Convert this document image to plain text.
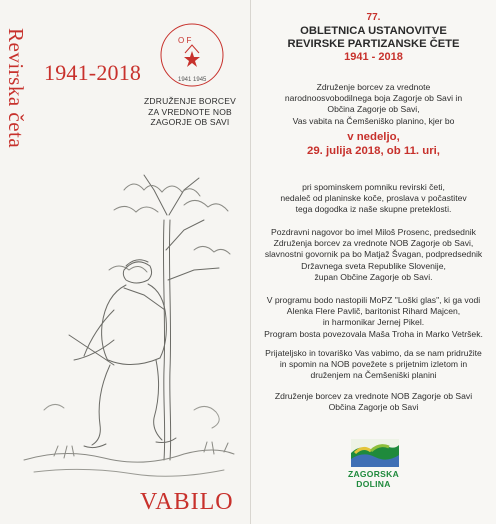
Revirska četa 1941-2018
O F
1941 1945
ZDRUŽENJE BORCEV
ZA VREDNOTE NOB
ZAGORJE OB SAVI
VABILO
77.
OBLETNICA USTANOVITVE
REVIRSKE PARTIZANSKE ČETE
1941 - 2018
Združenje borcev za vrednote
narodnoosvobodilnega boja Zagorje ob Savi in
Občina Zagorje ob Savi,
Vas vabita na Čemšeniško planino, kjer bo
v nedeljo,
29. julija 2018, ob 11. uri,
pri spominskem pomniku revirski četi,
nedaleč od planinske koče, proslava v počastitev
tega dogodka iz naše skupne preteklosti.
Pozdravni nagovor bo imel Miloš Prosenc, predsednik
Združenja borcev za vrednote NOB Zagorje ob Savi,
slavnostni govornik pa bo Matjaž Švagan, podpredsednik
Državnega sveta Republike Slovenije,
župan Občine Zagorje ob Savi.
V programu bodo nastopili MoPZ "Loški glas", ki ga vodi
Alenka Flere Pavlič, baritonist Rihard Majcen,
in harmonikar Jernej Pikel.
Program bosta povezovala Maša Troha in Marko Vetršek.
Prijateljsko in tovariško Vas vabimo, da se nam pridružite
in spomin na NOB povežete s prijetnim izletom in
druženjem na Čemšeniški planini
Združenje borcev za vrednote NOB Zagorje ob Savi
Občina Zagorje ob Savi
ZAGORSKA
DOLINA
